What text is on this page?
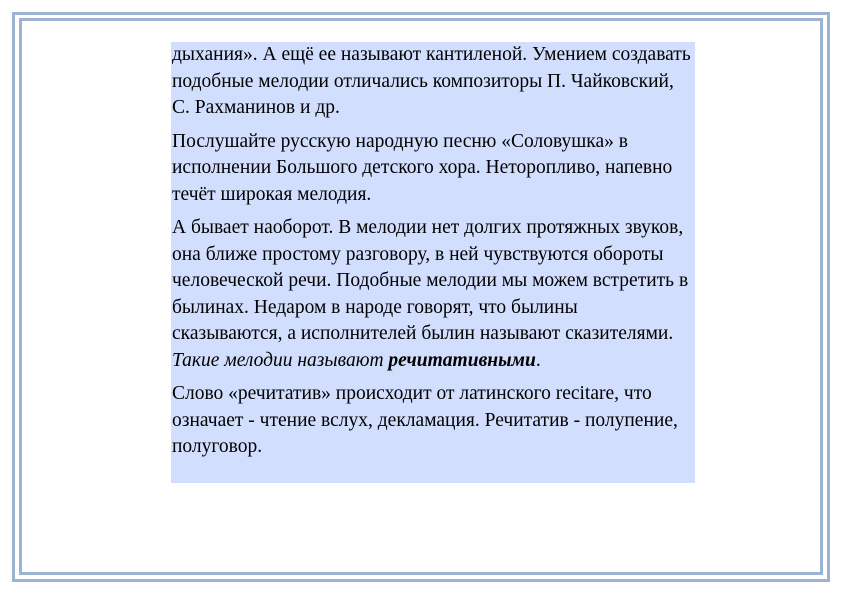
дыхания». А ещё ее называют кантиленой. Умением создавать подобные мелодии отличались композиторы П. Чайковский, С. Рахманинов и др.

Послушайте русскую народную песню «Соловушка» в исполнении Большого детского хора. Неторопливо, напевно течёт широкая мелодия.

А бывает наоборот. В мелодии нет долгих протяжных звуков, она ближе простому разговору, в ней чувствуются обороты человеческой речи. Подобные мелодии мы можем встретить в былинах. Недаром в народе говорят, что былины сказываются, а исполнителей былин называют сказителями. Такие мелодии называют речитативными.

Слово «речитатив» происходит от латинского recitare, что означает - чтение вслух, декламация. Речитатив - полупение, полуговор.
